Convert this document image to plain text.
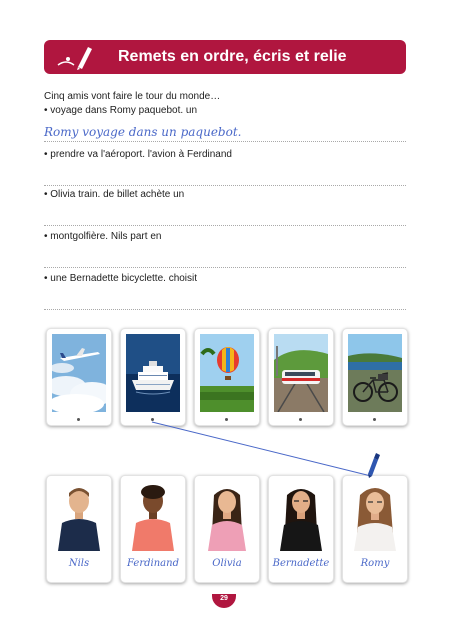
Remets en ordre, écris et relie
Cinq amis vont faire le tour du monde…
• voyage dans Romy paquebot. un
Romy voyage dans un paquebot.
• prendre va l'aéroport. l'avion à Ferdinand
• Olivia train. de billet achète un
• montgolfière. Nils part en
• une Bernadette bicyclette. choisit
Nils	Ferdinand	Olivia	Bernadette	Romy
29
